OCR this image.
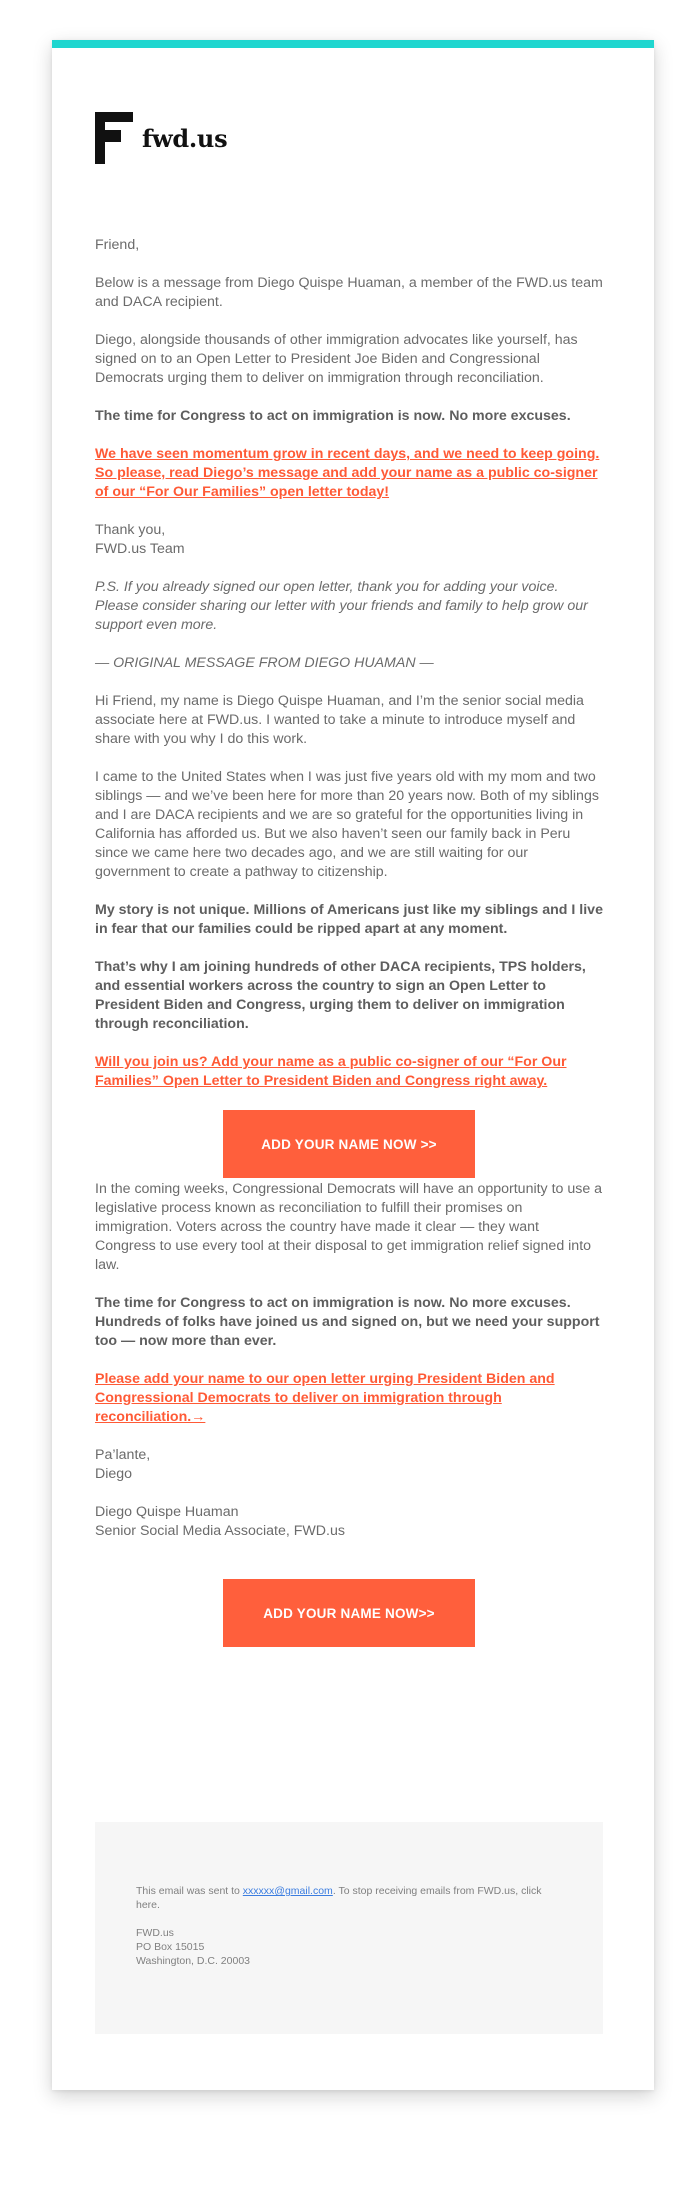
fwd.us

Friend,

Below is a message from Diego Quispe Huaman, a member of the FWD.us team and DACA recipient.

Diego, alongside thousands of other immigration advocates like yourself, has signed on to an Open Letter to President Joe Biden and Congressional Democrats urging them to deliver on immigration through reconciliation.

The time for Congress to act on immigration is now. No more excuses.

We have seen momentum grow in recent days, and we need to keep going. So please, read Diego’s message and add your name as a public co-signer of our “For Our Families” open letter today!

Thank you,
FWD.us Team

P.S. If you already signed our open letter, thank you for adding your voice. Please consider sharing our letter with your friends and family to help grow our support even more.

— ORIGINAL MESSAGE FROM DIEGO HUAMAN —

Hi Friend, my name is Diego Quispe Huaman, and I’m the senior social media associate here at FWD.us. I wanted to take a minute to introduce myself and share with you why I do this work.

I came to the United States when I was just five years old with my mom and two siblings — and we’ve been here for more than 20 years now. Both of my siblings and I are DACA recipients and we are so grateful for the opportunities living in California has afforded us. But we also haven’t seen our family back in Peru since we came here two decades ago, and we are still waiting for our government to create a pathway to citizenship.

My story is not unique. Millions of Americans just like my siblings and I live in fear that our families could be ripped apart at any moment.

That’s why I am joining hundreds of other DACA recipients, TPS holders, and essential workers across the country to sign an Open Letter to President Biden and Congress, urging them to deliver on immigration through reconciliation.

Will you join us? Add your name as a public co-signer of our “For Our Families” Open Letter to President Biden and Congress right away.

ADD YOUR NAME NOW >>

In the coming weeks, Congressional Democrats will have an opportunity to use a legislative process known as reconciliation to fulfill their promises on immigration. Voters across the country have made it clear — they want Congress to use every tool at their disposal to get immigration relief signed into law.

The time for Congress to act on immigration is now. No more excuses. Hundreds of folks have joined us and signed on, but we need your support too — now more than ever.

Please add your name to our open letter urging President Biden and Congressional Democrats to deliver on immigration through reconciliation.→

Pa’lante,
Diego

Diego Quispe Huaman
Senior Social Media Associate, FWD.us

ADD YOUR NAME NOW>>

This email was sent to xxxxxx@gmail.com. To stop receiving emails from FWD.us, click here.

FWD.us
PO Box 15015
Washington, D.C. 20003
